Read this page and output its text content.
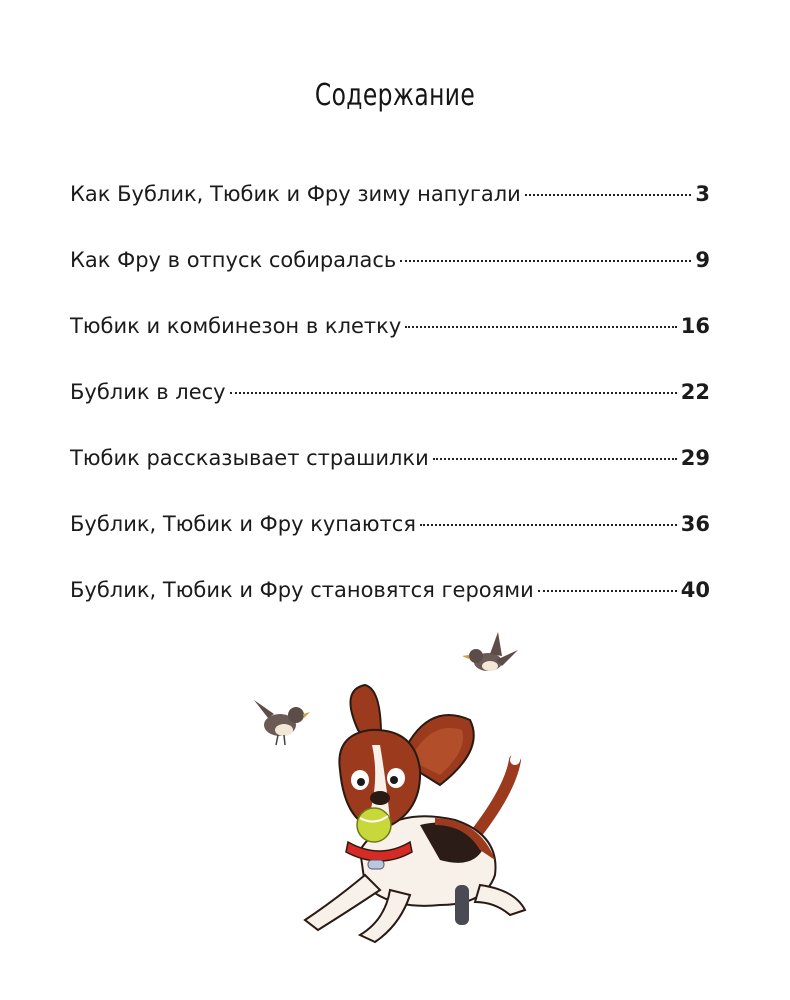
Содержание
Как Бублик, Тюбик и Фру зиму напугали	3
Как Фру в отпуск собиралась	9
Тюбик и комбинезон в клетку	16
Бублик в лесу	22
Тюбик рассказывает страшилки	29
Бублик, Тюбик и Фру купаются	36
Бублик, Тюбик и Фру становятся героями	40
